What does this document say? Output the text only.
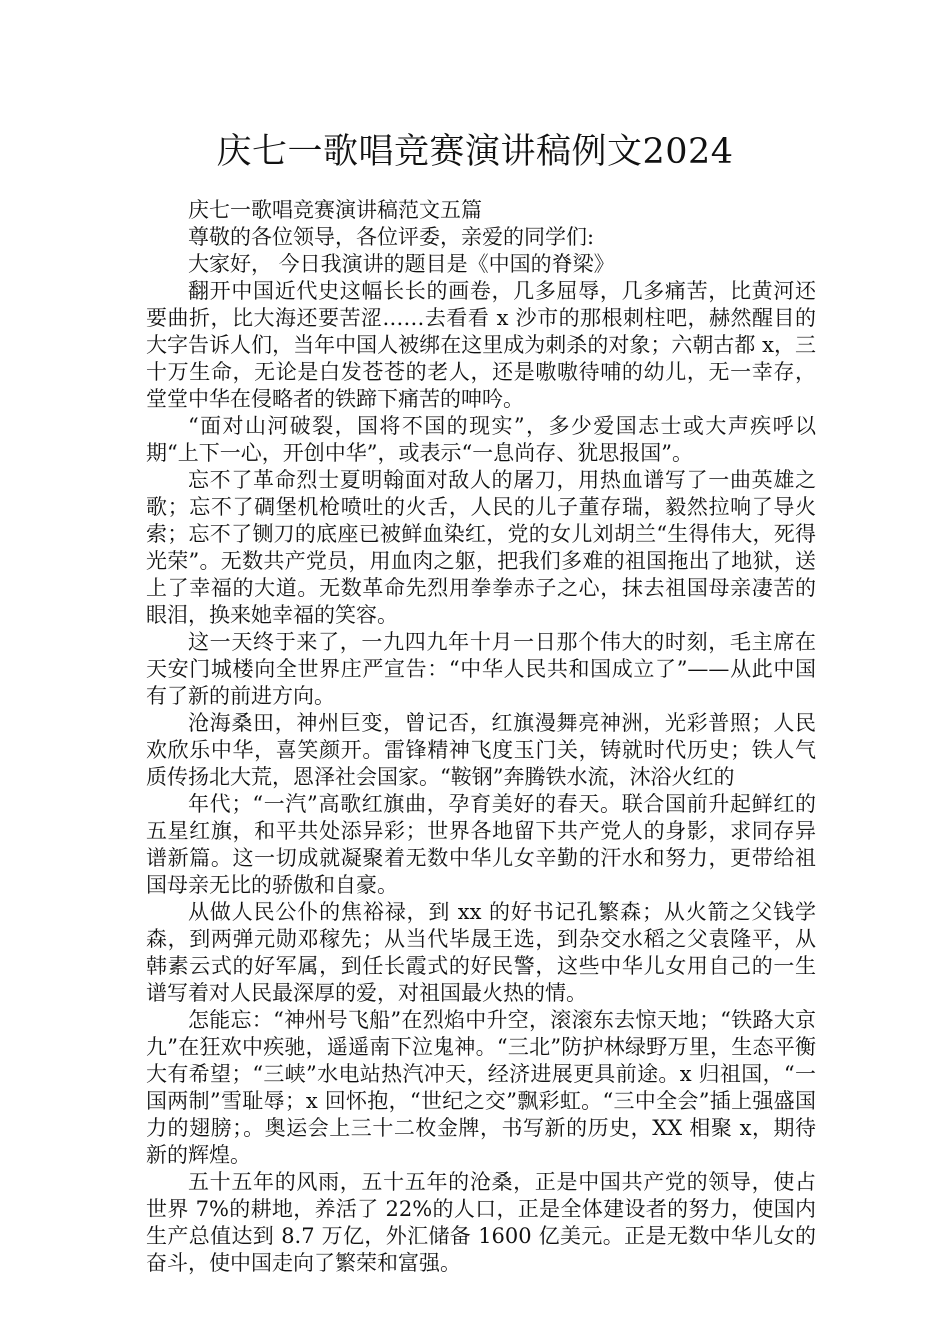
庆七一歌唱竞赛演讲稿例文2024

庆七一歌唱竞赛演讲稿范文五篇

尊敬的各位领导，各位评委，亲爱的同学们:

大家好， 今日我演讲的题目是《中国的脊梁》

翻开中国近代史这幅长长的画卷，几多屈辱，几多痛苦，比黄河还要曲折，比大海还要苦涩……去看看 x 沙市的那根刺柱吧，赫然醒目的大字告诉人们，当年中国人被绑在这里成为刺杀的对象；六朝古都 x，三十万生命，无论是白发苍苍的老人，还是嗷嗷待哺的幼儿，无一幸存，堂堂中华在侵略者的铁蹄下痛苦的呻吟。

“面对山河破裂，国将不国的现实”，多少爱国志士或大声疾呼以期“上下一心，开创中华”，或表示“一息尚存、犹思报国”。

忘不了革命烈士夏明翰面对敌人的屠刀，用热血谱写了一曲英雄之歌；忘不了碉堡机枪喷吐的火舌，人民的儿子董存瑞，毅然拉响了导火索；忘不了铡刀的底座已被鲜血染红，党的女儿刘胡兰“生得伟大，死得光荣”。无数共产党员，用血肉之躯，把我们多难的祖国拖出了地狱，送上了幸福的大道。无数革命先烈用拳拳赤子之心，抹去祖国母亲凄苦的眼泪，换来她幸福的笑容。

这一天终于来了，一九四九年十月一日那个伟大的时刻，毛主席在天安门城楼向全世界庄严宣告：“中华人民共和国成立了”——从此中国有了新的前进方向。

沧海桑田，神州巨变，曾记否，红旗漫舞亮神洲，光彩普照；人民欢欣乐中华，喜笑颜开。雷锋精神飞度玉门关，铸就时代历史；铁人气质传扬北大荒，恩泽社会国家。“鞍钢”奔腾铁水流，沐浴火红的

年代；“一汽”高歌红旗曲，孕育美好的春天。联合国前升起鲜红的五星红旗，和平共处添异彩；世界各地留下共产党人的身影，求同存异谱新篇。这一切成就凝聚着无数中华儿女辛勤的汗水和努力，更带给祖国母亲无比的骄傲和自豪。

从做人民公仆的焦裕禄，到 xx 的好书记孔繁森；从火箭之父钱学森，到两弹元勋邓稼先；从当代毕晟王选，到杂交水稻之父袁隆平，从韩素云式的好军属，到任长霞式的好民警，这些中华儿女用自己的一生谱写着对人民最深厚的爱，对祖国最火热的情。

怎能忘：“神州号飞船”在烈焰中升空，滚滚东去惊天地；“铁路大京九”在狂欢中疾驰，遥遥南下泣鬼神。“三北”防护林绿野万里，生态平衡大有希望；“三峡”水电站热汽冲天，经济进展更具前途。x 归祖国，“一国两制”雪耻辱；x 回怀抱，“世纪之交”飘彩虹。“三中全会”插上强盛国力的翅膀；。奥运会上三十二枚金牌，书写新的历史，XX 相聚 x，期待新的辉煌。

五十五年的风雨，五十五年的沧桑，正是中国共产党的领导，使占世界 7%的耕地，养活了 22%的人口，正是全体建设者的努力，使国内生产总值达到 8.7 万亿，外汇储备 1600 亿美元。正是无数中华儿女的奋斗，使中国走向了繁荣和富强。
